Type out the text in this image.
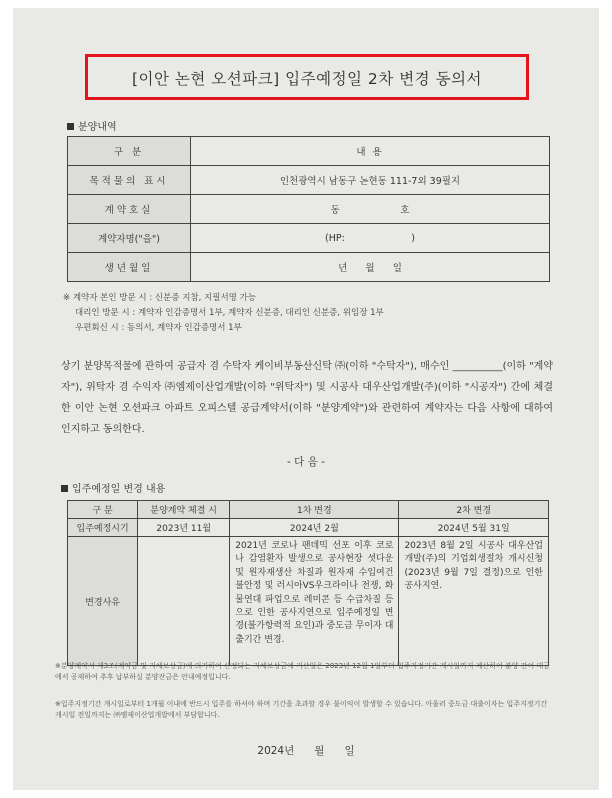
[이안 논현 오션파크] 입주예정일 2차 변경 동의서
분양내역
구 분	내 용
목적물의 표시	인천광역시 남동구 논현동 111-7외 39필지
계약호실	동                    호
계약자명("을")	(HP:                      )
생년월일	년      월      일
※ 계약자 본인 방문 시 : 신분증 지참, 지필서명 가능
대리인 방문 시 : 계약자 인감증명서 1부, 계약자 신분증, 대리인 신분증, 위임장 1부
우편회신 시 : 동의서, 계약자 인감증명서 1부
상기 분양목적물에 관하여 공급자 겸 수탁자 케이비부동산신탁 ㈜(이하 "수탁자"), 매수인 __________(이하 "계약자"), 위탁자 겸 수익자 ㈜엠제이산업개발(이하 "위탁자") 및 시공사 대우산업개발(주)(이하 "시공자") 간에 체결한 이안 논현 오션파크 아파트 오피스텔 공급계약서(이하 "분양계약")와 관련하여 계약자는 다음 사항에 대하여 인지하고 동의한다.
- 다 음 -
입주예정일 변경 내용
구 분	분양계약 체결 시	1차 변경	2차 변경
입주예정시기	2023년 11월	2024년 2월	2024년 5월 31일
변경사유		2021년 코로나 팬데믹 선포 이후 코로나 감염환자 발생으로 공사현장 셧다운 및 원자재생산 차질과 원자재 수입여건 불안정 및 러시아VS우크라이나 전쟁, 화물연대 파업으로 레미콘 등 수급차질 등으로 인한 공사지연으로 입주예정일 변경(불가항력적 요인)과 중도금 무이자 대출기간 변경.	2023년 8월 2일 시공사 대우산업개발(주)의 기업회생절차 개시신청(2023년 9월 7일 결정)으로 인한 공사지연.
※분양계약서 제3조(계약금 및 지체보상금)에 의거하여 산정되는 지체보상금에 기산일은 2023년 12월 1일부터 입주지정기간 개시일까지 계산하여 분양 잔여 대금에서 공제하여 추후 납부하실 분양잔금은 안내예정입니다.
※입주지정기간 개시일로부터 1개월 이내에 반드시 입주를 하셔야 하며 기간을 초과할 경우 불이익이 발생할 수 있습니다. 아울러 중도금 대출이자는 입주지정기간 개시일 전일까지는 ㈜엠제이산업개발에서 부담합니다.
2024년      월      일
